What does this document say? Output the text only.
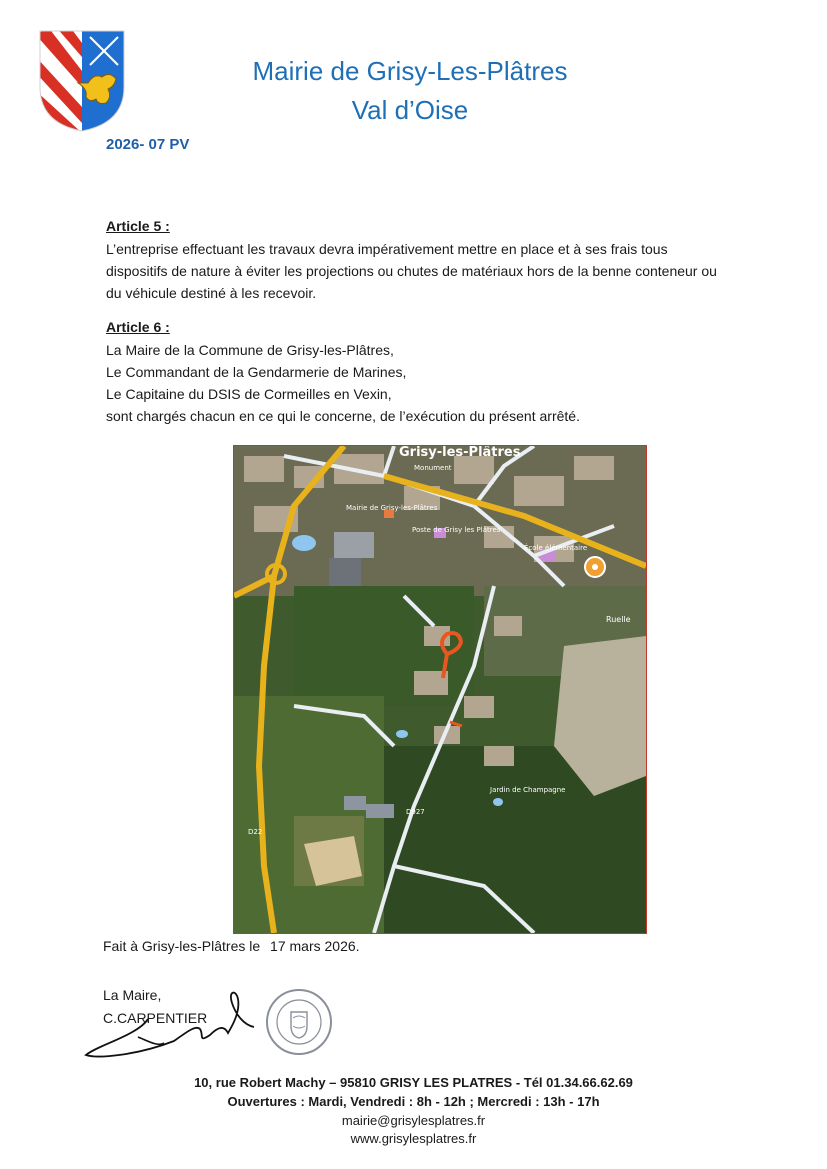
Mairie de Grisy-Les-Plâtres
Val d’Oise
2026- 07 PV
Article 5 :
L’entreprise effectuant les travaux devra impérativement mettre en place et à ses frais tous dispositifs de nature à éviter les projections ou chutes de matériaux hors de la benne conteneur ou du véhicule destiné à les recevoir.
Article 6 :
La Maire de la Commune de Grisy-les-Plâtres,
Le Commandant de la Gendarmerie de Marines,
Le Capitaine du DSIS de Cormeilles en Vexin,
sont chargés chacun en ce qui le concerne, de l’exécution du présent arrêté.
Grisy-les-Plâtres
Monument
Mairie de Grisy-les-Plâtres
Poste de Grisy les Plâtres
École élémentaire
Ruelle
Jardin de Champagne
D22
D927
Fait à Grisy-les-Plâtres le 17 mars 2026.
La Maire,
C.CARPENTIER
10, rue Robert Machy – 95810 GRISY LES PLATRES - Tél 01.34.66.62.69
Ouvertures : Mardi, Vendredi : 8h - 12h ; Mercredi : 13h - 17h
mairie@grisylesplatres.fr
www.grisylesplatres.fr
